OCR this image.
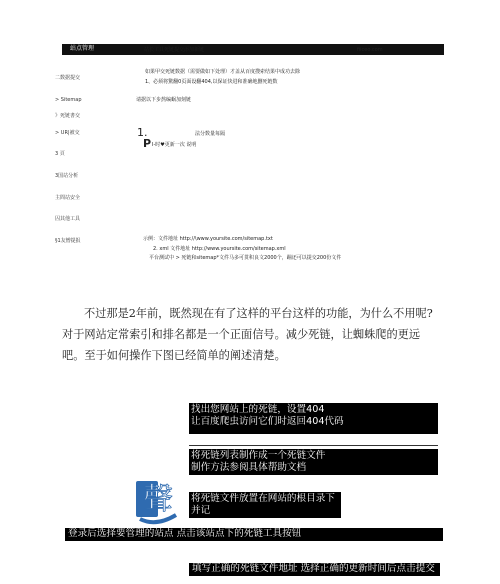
站点管理	站长工具死链提交添加新链	fiiceo.com
二数据提交
> Sitemap
》死链書交
> UR|被交
3 頁
3国站分析
主問站安全
囚其他工具
§1友憎提报
如果甲交死链数据（需要做如下处理）才盖从百度搜索结果中成功去除
1、必须将驚翻0页面设翻404,以保证快进和准确地删死链数
请据以下步熬编蜗加刻链
1.	法分数量每隔
P I-时♥更新一次 说明
示例：文件地址 http://\www.yoursite.com/sitemap.txt
2. xml 文件地址 http://www.yoursite.com/sitemap.xml
平台测试中 > 死链和sitemap*文件马多可贯积良文2000个，蹦还可以提交200份文件
不过那是2年前，既然现在有了这样的平台这样的功能，为什么不用呢?对于网站定常索引和排名都是一个正面信号。减少死链，让蜘蛛爬的更远吧。至于如何操作下图已经简单的阐述清楚。
找出您网站上的死链，设置404
让百度爬虫访问它们时返回404代码
将死链列表制作成一个死链文件
制作方法参阅具体帮助文档
聲 将死链文件放置在网站的根目录下
并记
登录后选择要管理的站点 点击该站点下的死链工具按钮
填写正确的死链文件地址 选择正确的更新时间后点击提交
